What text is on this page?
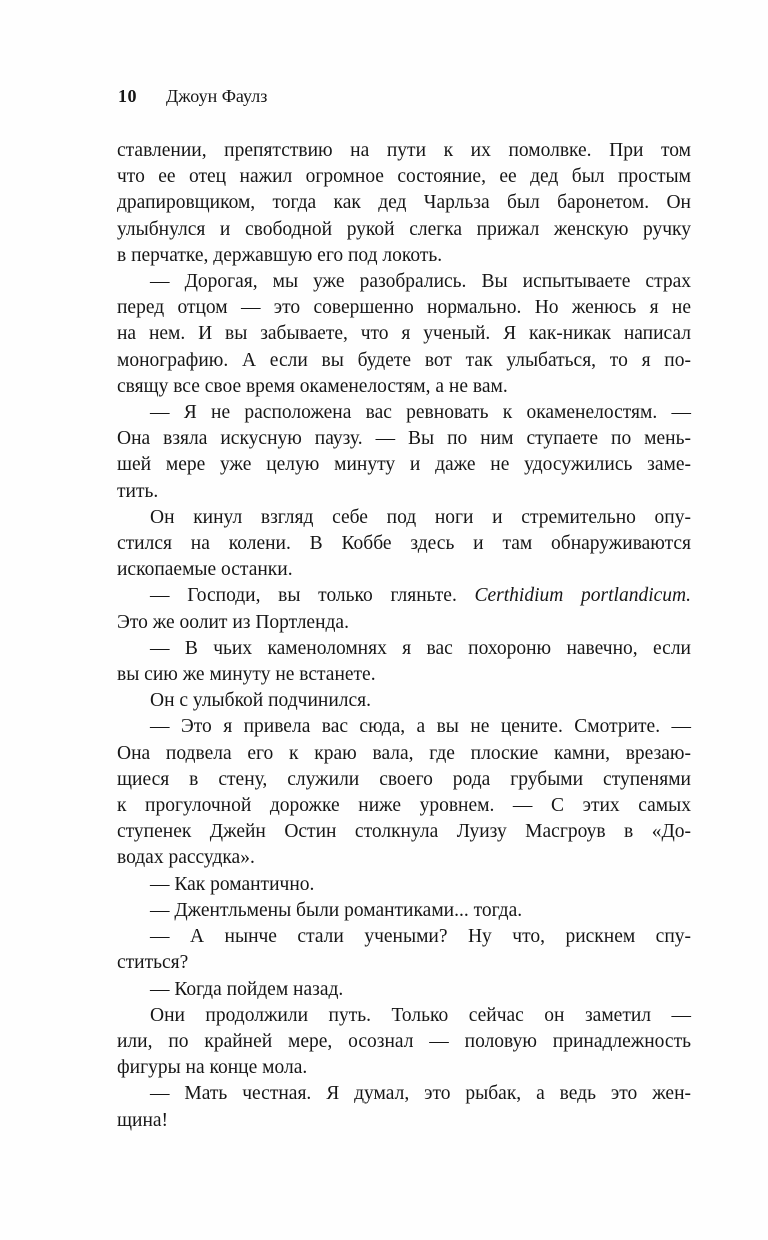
10 Джоун Фаулз
ставлении, препятствию на пути к их помолвке. При том
что ее отец нажил огромное состояние, ее дед был простым
драпировщиком, тогда как дед Чарльза был баронетом. Он
улыбнулся и свободной рукой слегка прижал женскую ручку
в перчатке, державшую его под локоть.
— Дорогая, мы уже разобрались. Вы испытываете страх
перед отцом — это совершенно нормально. Но женюсь я не
на нем. И вы забываете, что я ученый. Я как-никак написал
монографию. А если вы будете вот так улыбаться, то я по-
свящу все свое время окаменелостям, а не вам.
— Я не расположена вас ревновать к окаменелостям. —
Она взяла искусную паузу. — Вы по ним ступаете по мень-
шей мере уже целую минуту и даже не удосужились заме-
тить.
Он кинул взгляд себе под ноги и стремительно опу-
стился на колени. В Коббе здесь и там обнаруживаются
ископаемые останки.
— Господи, вы только гляньте. Certhidium portlandicum.
Это же оолит из Портленда.
— В чьих каменоломнях я вас похороню навечно, если
вы сию же минуту не встанете.
Он с улыбкой подчинился.
— Это я привела вас сюда, а вы не цените. Смотрите. —
Она подвела его к краю вала, где плоские камни, врезаю-
щиеся в стену, служили своего рода грубыми ступенями
к прогулочной дорожке ниже уровнем. — С этих самых
ступенек Джейн Остин столкнула Луизу Масгроув в «До-
водах рассудка».
— Как романтично.
— Джентльмены были романтиками... тогда.
— А нынче стали учеными? Ну что, рискнем спу-
ститься?
— Когда пойдем назад.
Они продолжили путь. Только сейчас он заметил —
или, по крайней мере, осознал — половую принадлежность
фигуры на конце мола.
— Мать честная. Я думал, это рыбак, а ведь это жен-
щина!
